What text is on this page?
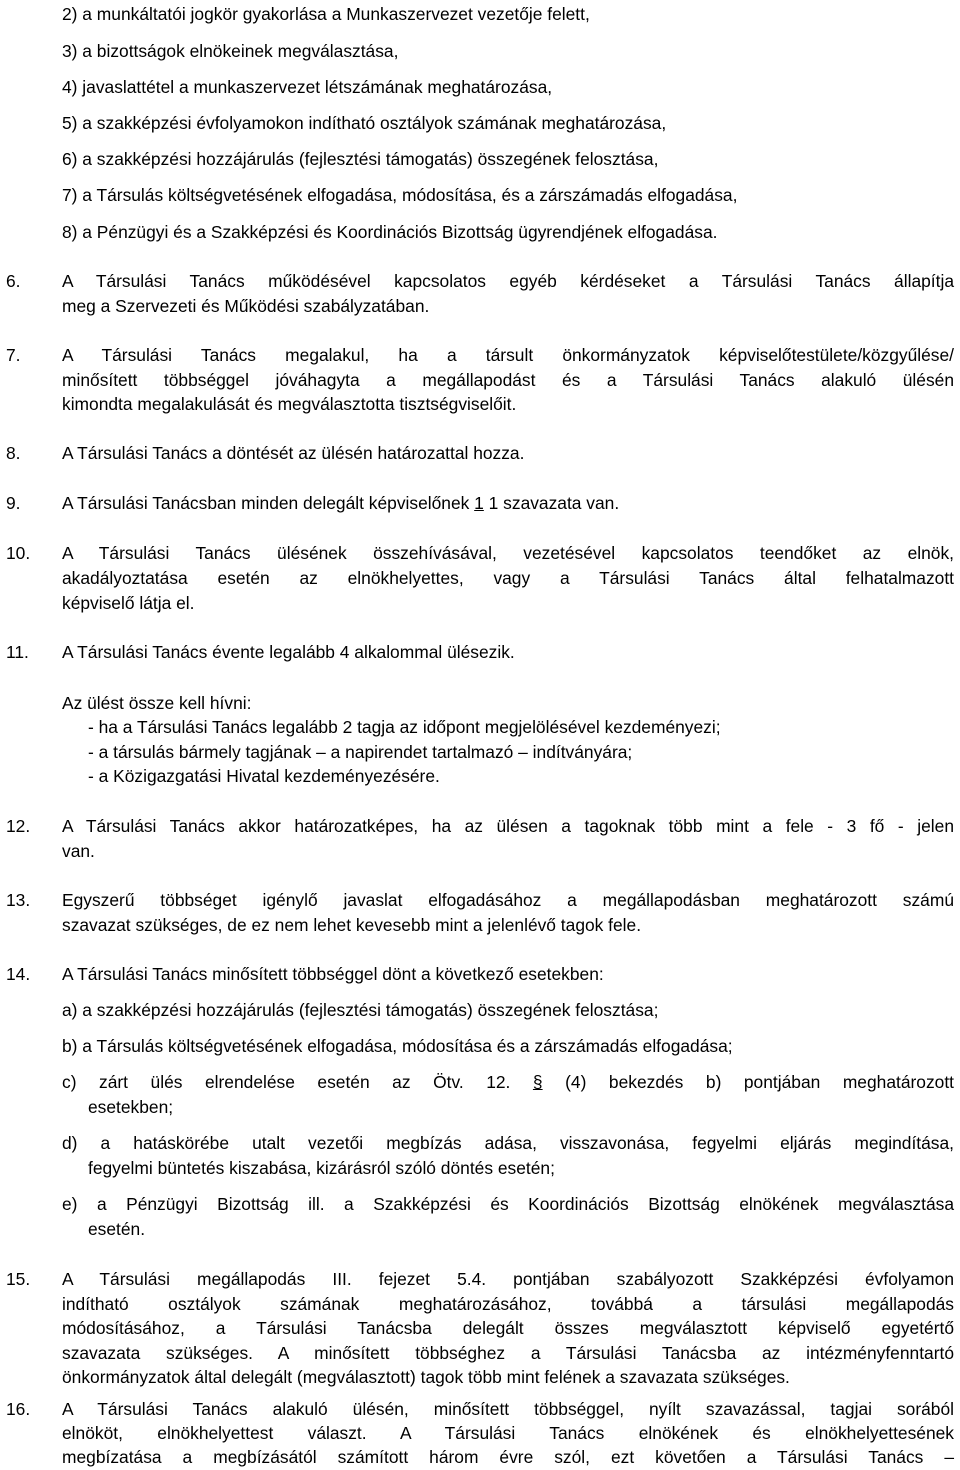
2) a munkáltatói jogkör gyakorlása a Munkaszervezet vezetője felett,
3) a bizottságok elnökeinek megválasztása,
4) javaslattétel a munkaszervezet létszámának meghatározása,
5) a szakképzési évfolyamokon indítható osztályok számának meghatározása,
6) a szakképzési hozzájárulás (fejlesztési támogatás) összegének felosztása,
7) a Társulás költségvetésének elfogadása, módosítása, és a zárszámadás elfogadása,
8) a Pénzügyi és a Szakképzési és Koordinációs Bizottság ügyrendjének elfogadása.
6. A Társulási Tanács működésével kapcsolatos egyéb kérdéseket a Társulási Tanács állapítja
meg a Szervezeti és Működési szabályzatában.
7. A Társulási Tanács megalakul, ha a társult önkormányzatok képviselőtestülete/közgyűlése/
minősített többséggel jóváhagyta a megállapodást és a Társulási Tanács alakuló ülésén
kimondta megalakulását és megválasztotta tisztségviselőit.
8. A Társulási Tanács a döntését az ülésén határozattal hozza.
9. A Társulási Tanácsban minden delegált képviselőnek 1 1 szavazata van.
10. A Társulási Tanács ülésének összehívásával, vezetésével kapcsolatos teendőket az elnök,
akadályoztatása esetén az elnökhelyettes, vagy a Társulási Tanács által felhatalmazott
képviselő látja el.
11. A Társulási Tanács évente legalább 4 alkalommal ülésezik.
Az ülést össze kell hívni:
- ha a Társulási Tanács legalább 2 tagja az időpont megjelölésével kezdeményezi;
- a társulás bármely tagjának – a napirendet tartalmazó – indítványára;
- a Közigazgatási Hivatal kezdeményezésére.
12. A Társulási Tanács akkor határozatképes, ha az ülésen a tagoknak több mint a fele - 3 fő - jelen
van.
13. Egyszerű többséget igénylő javaslat elfogadásához a megállapodásban meghatározott számú
szavazat szükséges, de ez nem lehet kevesebb mint a jelenlévő tagok fele.
14. A Társulási Tanács minősített többséggel dönt a következő esetekben:
a) a szakképzési hozzájárulás (fejlesztési támogatás) összegének felosztása;
b) a Társulás költségvetésének elfogadása, módosítása és a zárszámadás elfogadása;
c) zárt ülés elrendelése esetén az Ötv. 12. § (4) bekezdés b) pontjában meghatározott
esetekben;
d) a hatáskörébe utalt vezetői megbízás adása, visszavonása, fegyelmi eljárás megindítása,
fegyelmi büntetés kiszabása, kizárásról szóló döntés esetén;
e) a Pénzügyi Bizottság ill. a Szakképzési és Koordinációs Bizottság elnökének megválasztása
esetén.
15. A Társulási megállapodás III. fejezet 5.4. pontjában szabályozott Szakképzési évfolyamon
indítható osztályok számának meghatározásához, továbbá a társulási megállapodás
módosításához, a Társulási Tanácsba delegált összes megválasztott képviselő egyetértő
szavazata szükséges. A minősített többséghez a Társulási Tanácsba az intézményfenntartó
önkormányzatok által delegált (megválasztott) tagok több mint felének a szavazata szükséges.
16. A Társulási Tanács alakuló ülésén, minősített többséggel, nyílt szavazással, tagjai sorából
elnököt, elnökhelyettest választ. A Társulási Tanács elnökének és elnökhelyettesének
megbízatása a megbízásától számított három évre szól, ezt követően a Társulási Tanács –
